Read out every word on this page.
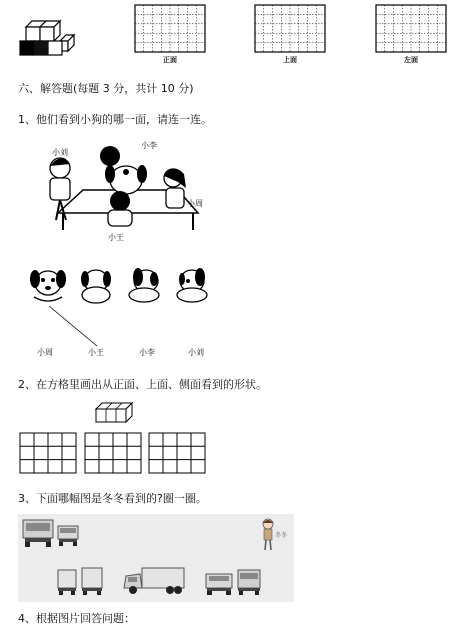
正面	上面	左面
六、解答题(每题 3 分，共计 10 分)
1、他们看到小狗的哪一面，请连一连。
小刘
小李
小周
小王
小周	小王	小李	小刘
2、在方格里画出从正面、上面、侧面看到的形状。
3、下面哪幅图是冬冬看到的?圈一圈。
冬冬
4、根据图片回答问题：
